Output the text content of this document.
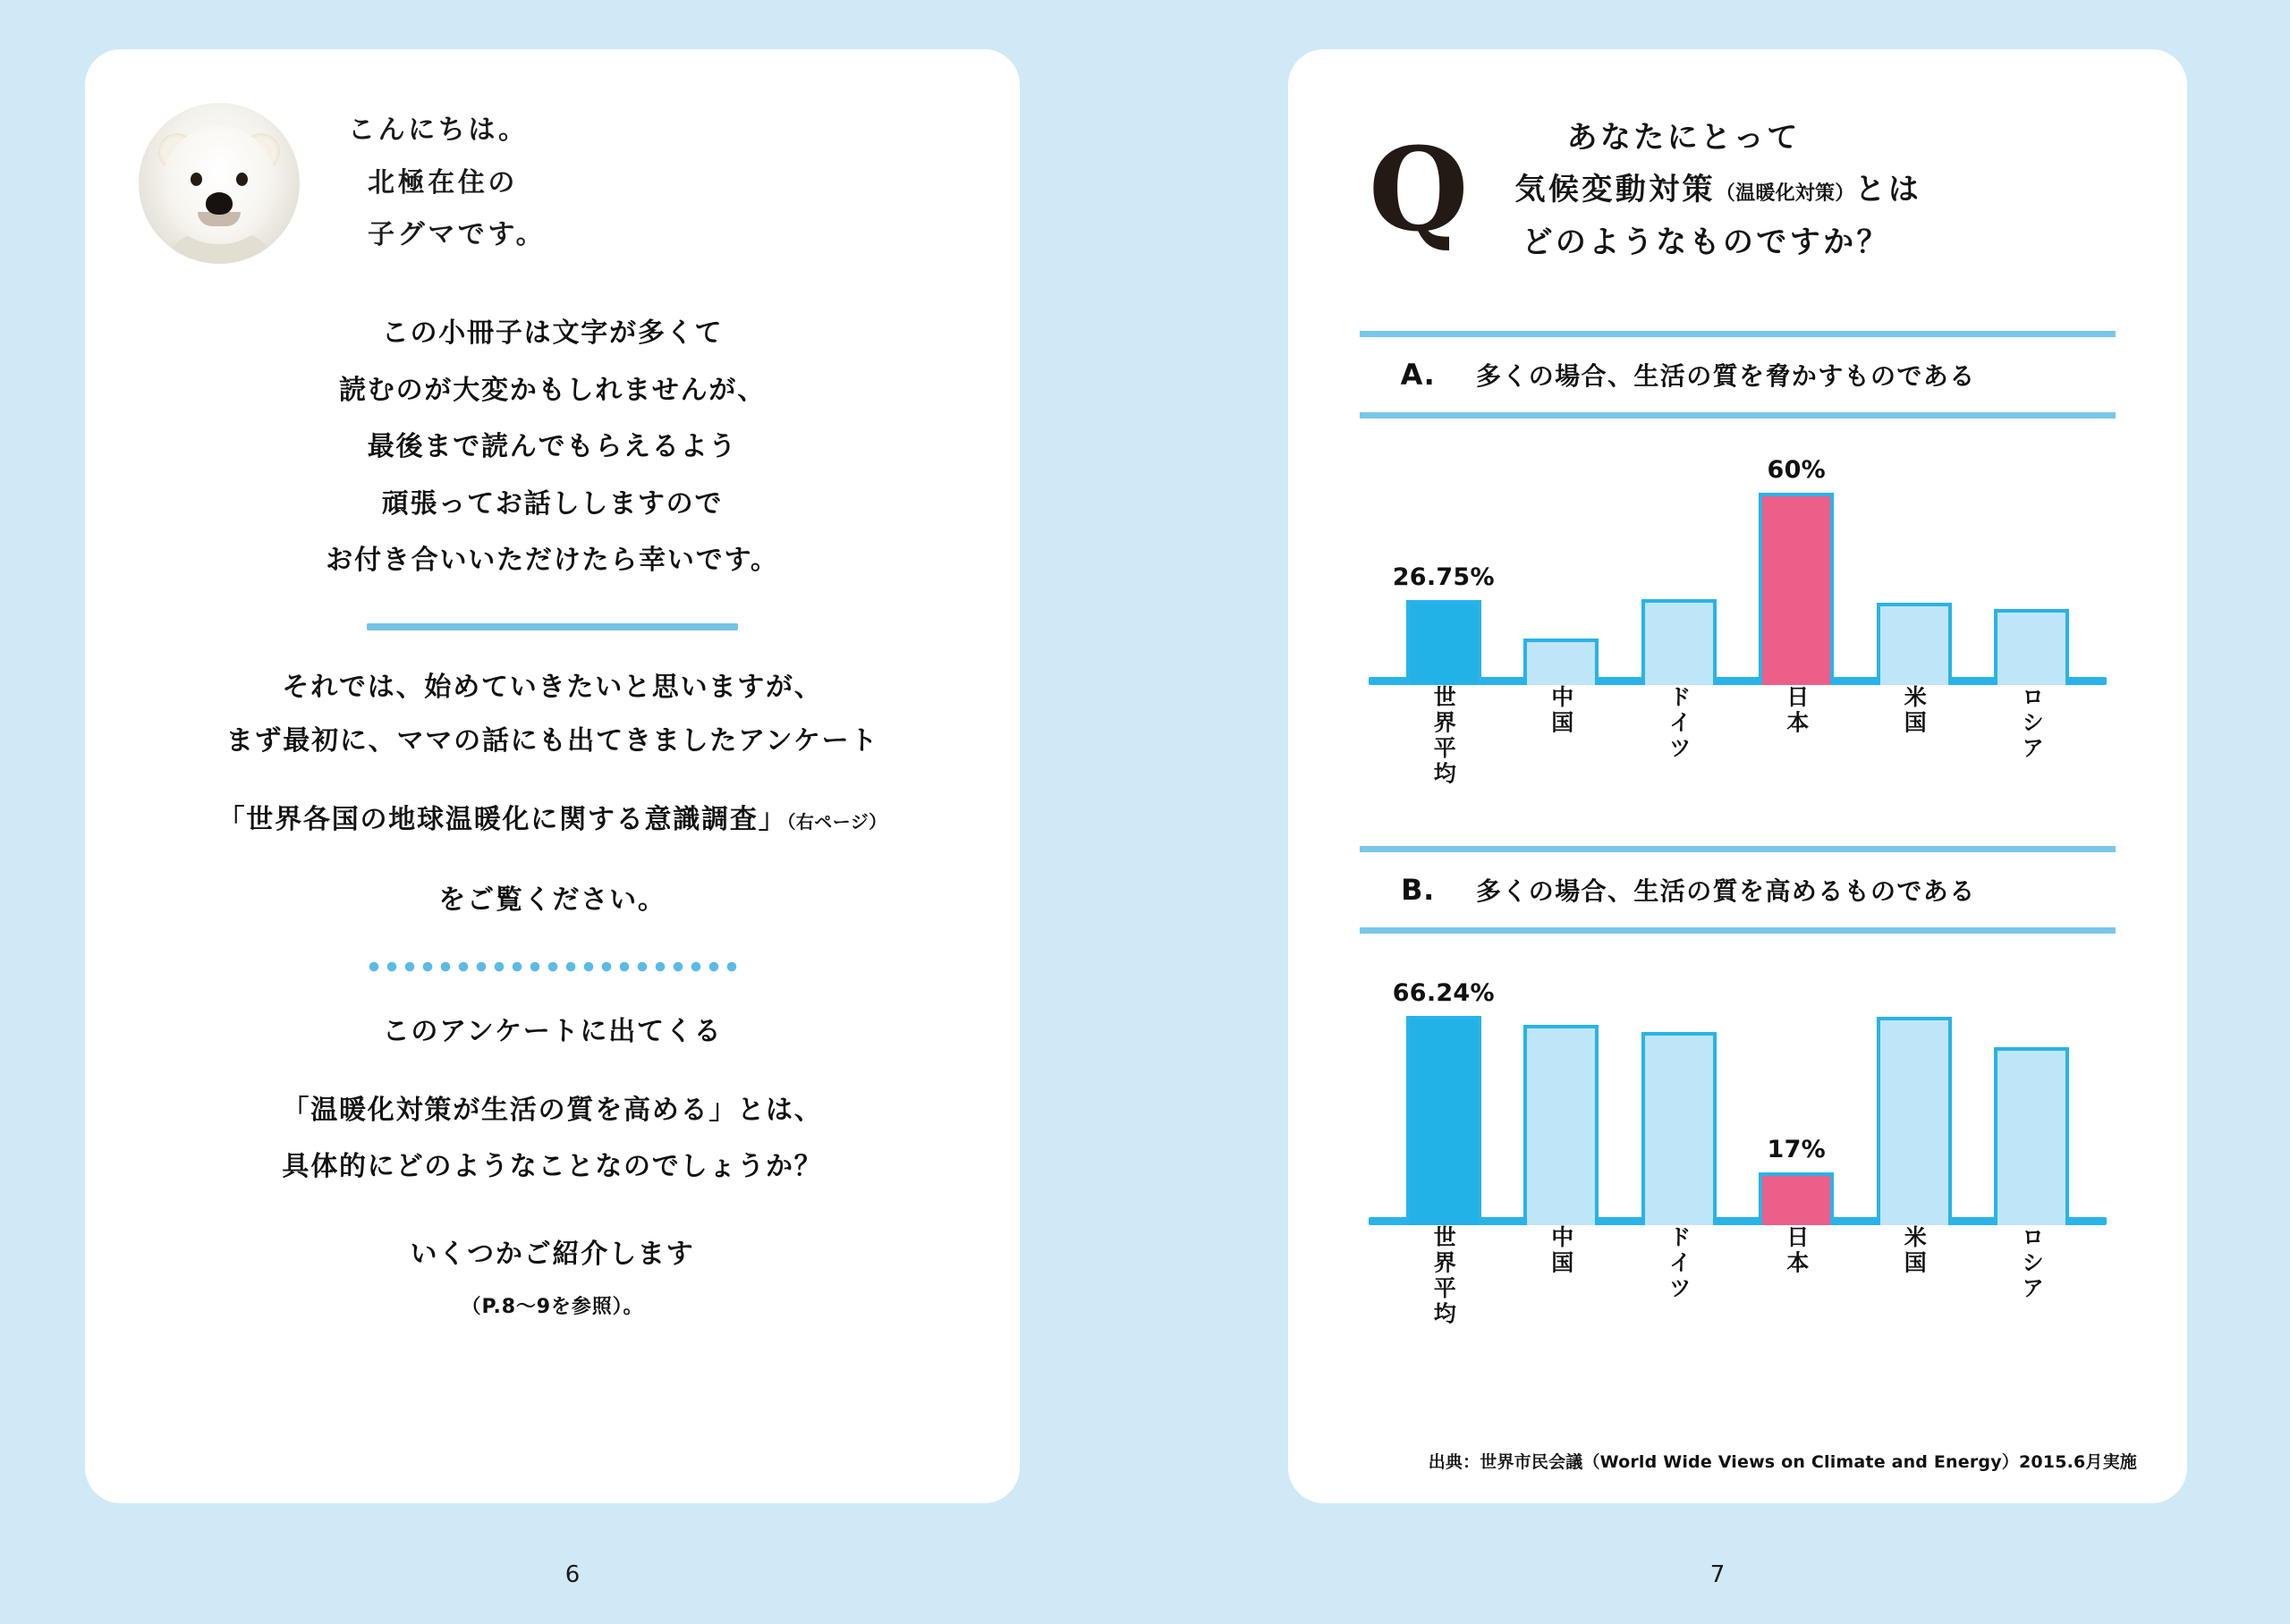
こんにちは。
北極在住の
子グマです。
この小冊子は文字が多くて
読むのが大変かもしれませんが、
最後まで読んでもらえるよう
頑張ってお話ししますので
お付き合いいただけたら幸いです。
それでは、始めていきたいと思いますが、
まず最初に、ママの話にも出てきましたアンケート
「世界各国の地球温暖化に関する意識調査」（右ページ）
をご覧ください。
このアンケートに出てくる
「温暖化対策が生活の質を高める」とは、
具体的にどのようなことなのでしょうか？
いくつかご紹介します
（P.8〜9を参照）。
6
Q	あなたにとって
気候変動対策（温暖化対策）とは
どのようなものですか？
A.	多くの場合、生活の質を脅かすものである
26.75%
60%
世界平均	中国	ドイツ	日本	米国	ロシア
B.	多くの場合、生活の質を高めるものである
66.24%
17%
世界平均	中国	ドイツ	日本	米国	ロシア
出典：世界市民会議（World Wide Views on Climate and Energy）2015.6月実施
7
